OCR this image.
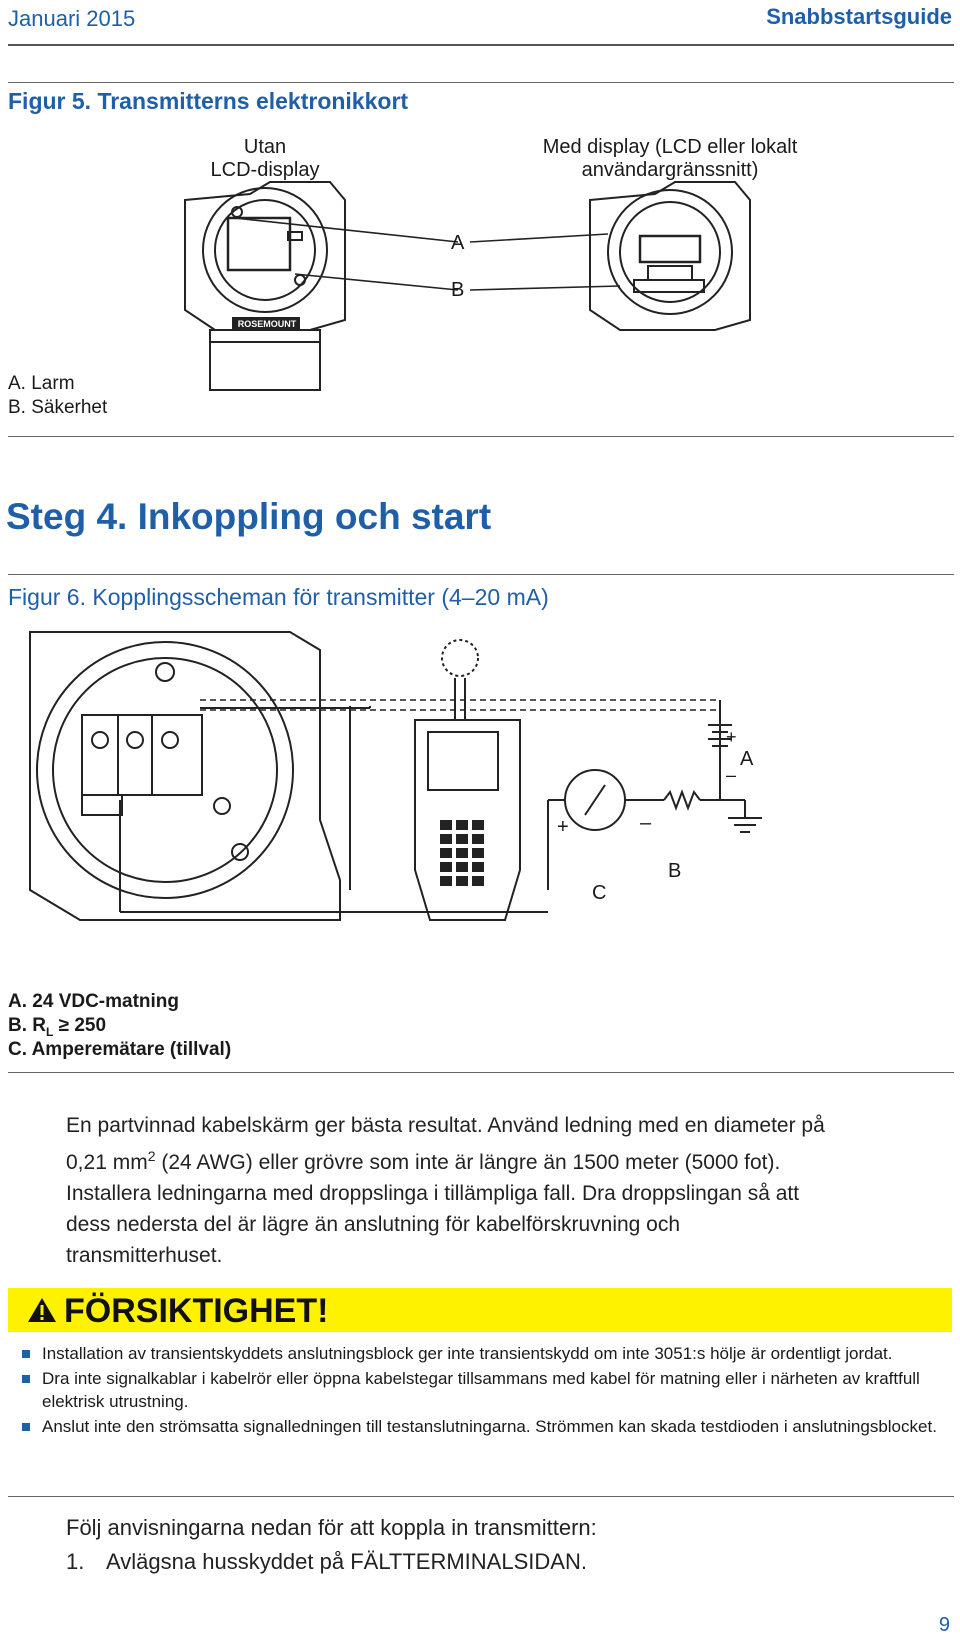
Januari 2015	Snabbstartsguide
Figur 5. Transmitterns elektronikkort
Utan
LCD-display
Med display (LCD eller lokalt
användargränssnitt)
ROSEMOUNT
A
B
A. Larm
B. Säkerhet
Steg 4. Inkoppling och start
Figur 6. Kopplingsscheman för transmitter (4–20 mA)
A
+
–
B
C
+	–
A. 24 VDC-matning
B. $R_L \ge 250$
C. Amperemätare (tillval)
En partvinnad kabelskärm ger bästa resultat. Använd ledning med en diameter på
0,21 $mm^2$ (24 AWG) eller grövre som inte är längre än 1500 meter (5000 fot).
Installera ledningarna med droppslinga i tillämpliga fall. Dra droppslingan så att
dess nedersta del är lägre än anslutning för kabelförskruvning och
transmitterhuset.
FÖRSIKTIGHET!
Installation av transientskyddets anslutningsblock ger inte transientskydd om inte 3051:s hölje är ordentligt jordat.
Dra inte signalkablar i kabelrör eller öppna kabelstegar tillsammans med kabel för matning eller i närheten av kraftfull elektrisk utrustning.
Anslut inte den strömsatta signalledningen till testanslutningarna. Strömmen kan skada testdioden i anslutningsblocket.
Följ anvisningarna nedan för att koppla in transmittern:
1. Avlägsna husskyddet på FÄLTTERMINALSIDAN.
9
